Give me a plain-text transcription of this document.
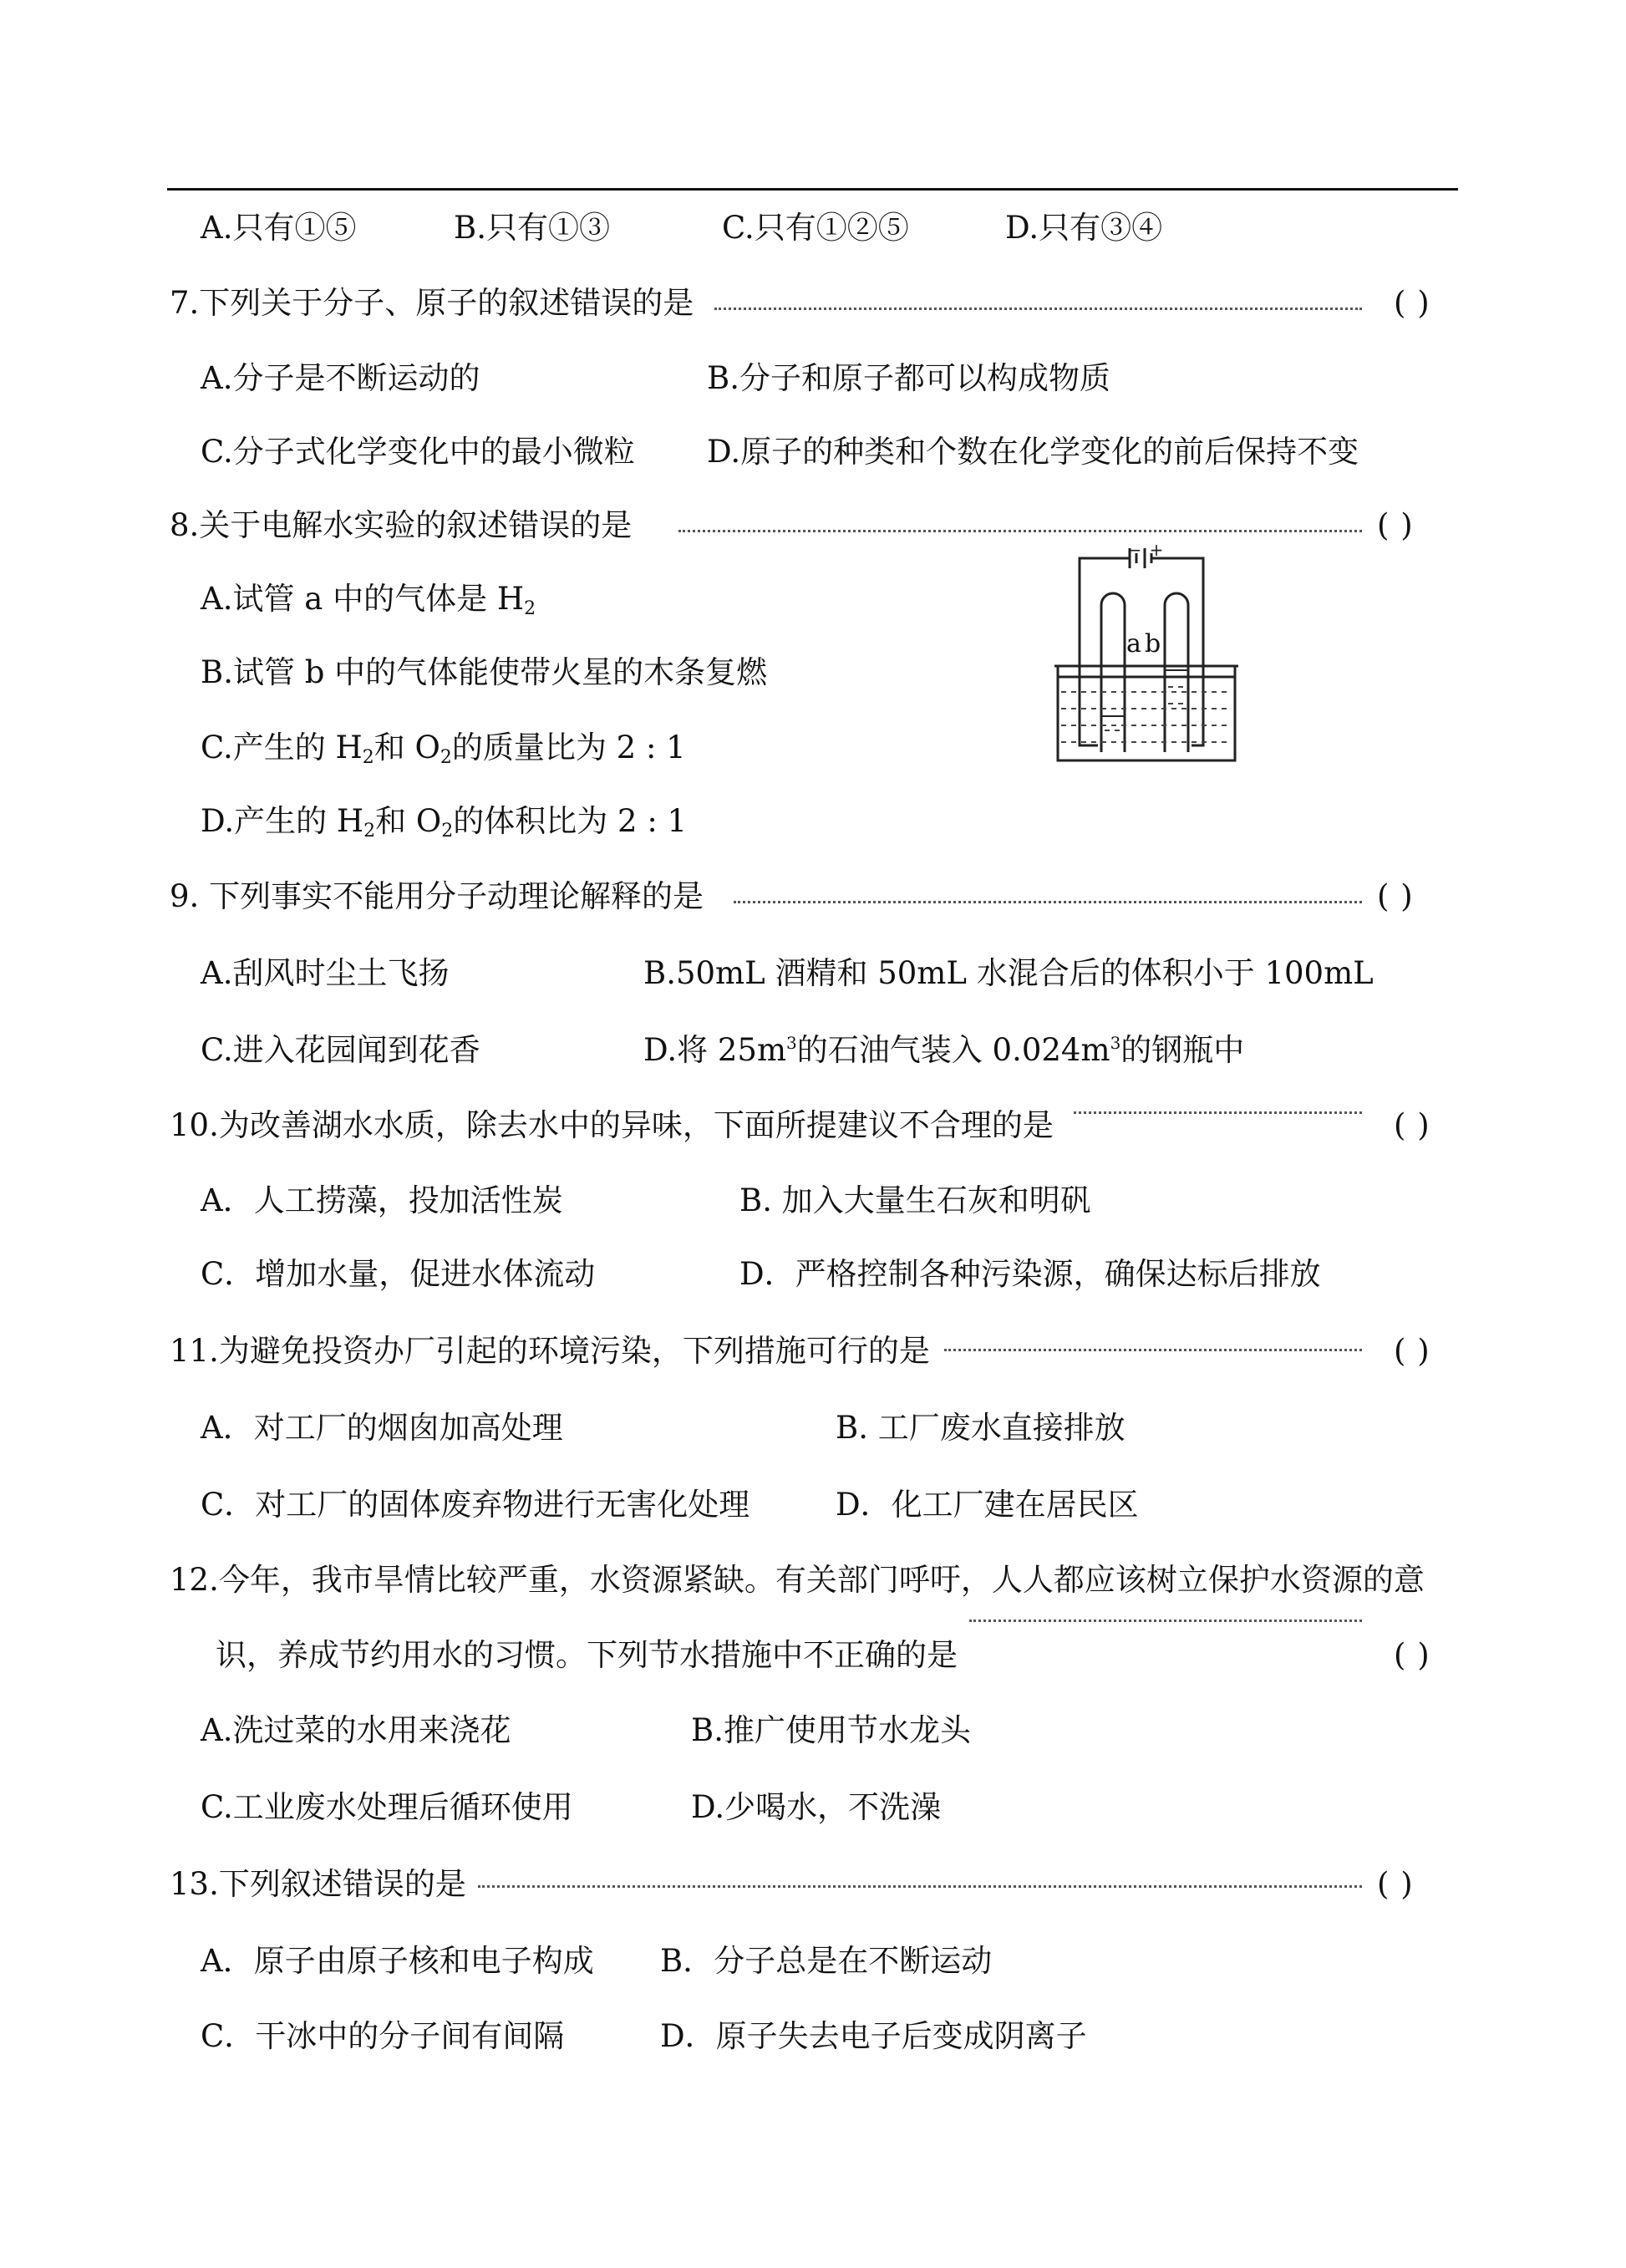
A.只有①⑤	B.只有①③	C.只有①②⑤	D.只有③④
7.下列关于分子、原子的叙述错误的是	( )
A.分子是不断运动的	B.分子和原子都可以构成物质
C.分子式化学变化中的最小微粒 D.原子的种类和个数在化学变化的前后保持不变
8.关于电解水实验的叙述错误的是	( )
A.试管 a 中的气体是 $H_2$
B.试管 b 中的气体能使带火星的木条复燃
C.产生的 $H_2$和 $O_2$的质量比为 2 : 1
D.产生的 $H_2$和 $O_2$的体积比为 2 : 1
− +
a b
9. 下列事实不能用分子动理论解释的是	( )
A.刮风时尘土飞扬	B.50mL 酒精和 50mL 水混合后的体积小于 100mL
C.进入花园闻到花香	D.将 $25m^3$的石油气装入 $0.024m^3$的钢瓶中
10.为改善湖水水质，除去水中的异味，下面所提建议不合理的是	( )
A．人工捞藻，投加活性炭	B. 加入大量生石灰和明矾
C．增加水量，促进水体流动	D．严格控制各种污染源，确保达标后排放
11.为避免投资办厂引起的环境污染，下列措施可行的是	( )
A．对工厂的烟囱加高处理	B. 工厂废水直接排放
C．对工厂的固体废弃物进行无害化处理	D．化工厂建在居民区
12.今年，我市旱情比较严重，水资源紧缺。有关部门呼吁，人人都应该树立保护水资源的意
识，养成节约用水的习惯。下列节水措施中不正确的是	( )
A.洗过菜的水用来浇花	B.推广使用节水龙头
C.工业废水处理后循环使用	D.少喝水，不洗澡
13.下列叙述错误的是	( )
A．原子由原子核和电子构成 B．分子总是在不断运动
C．干冰中的分子间有间隔	D．原子失去电子后变成阴离子
